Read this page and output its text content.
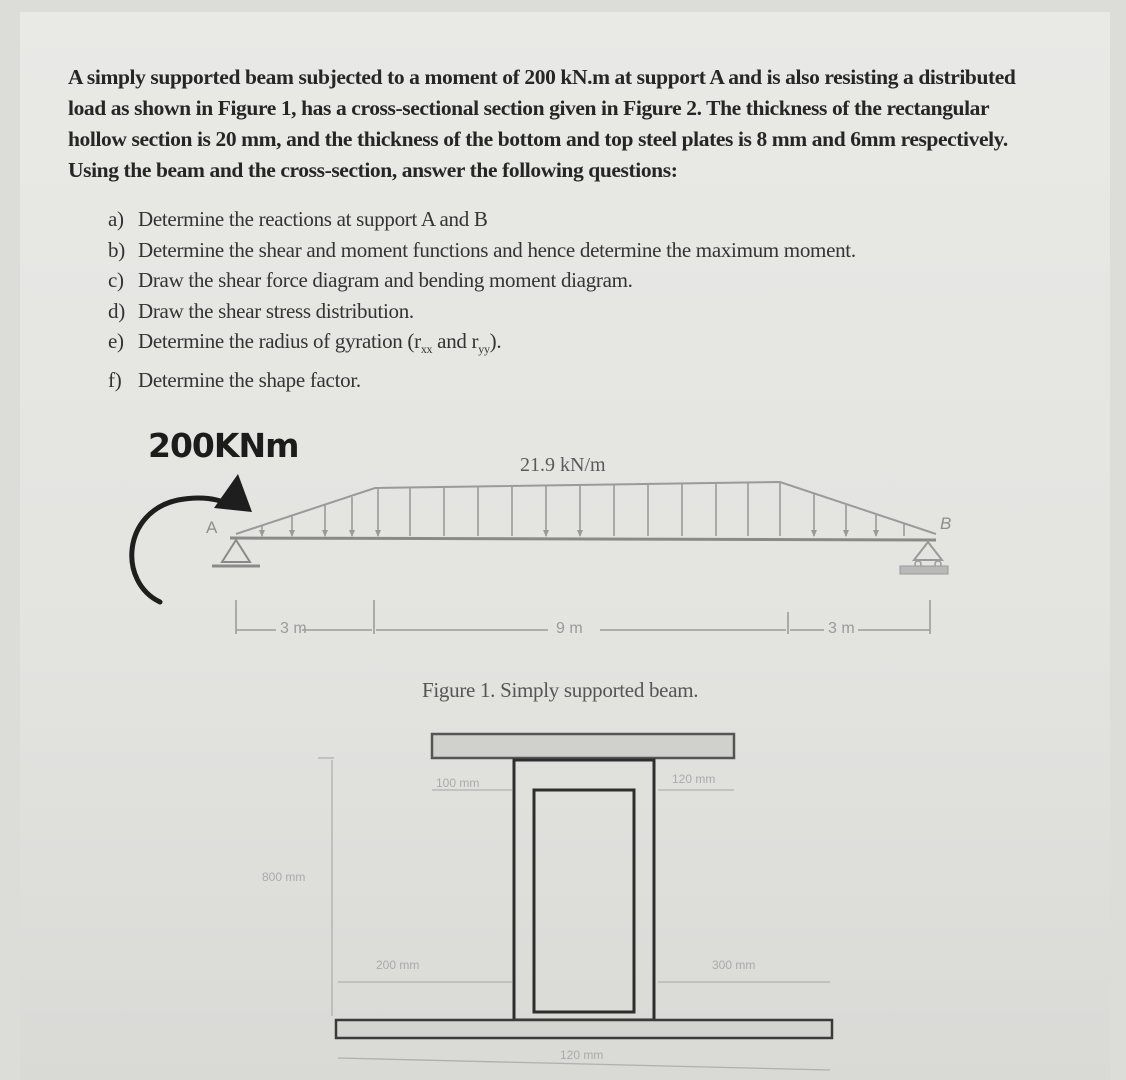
A simply supported beam subjected to a moment of 200 kN.m at support A and is also resisting a distributed
load as shown in Figure 1, has a cross-sectional section given in Figure 2. The thickness of the rectangular
hollow section is 20 mm, and the thickness of the bottom and top steel plates is 8 mm and 6mm respectively.
Using the beam and the cross-section, answer the following questions:
a) Determine the reactions at support A and B
b) Determine the shear and moment functions and hence determine the maximum moment.
c) Draw the shear force diagram and bending moment diagram.
d) Draw the shear stress distribution.
e) Determine the radius of gyration ($r_{xx}$ and $r_{yy}$).
f) Determine the shape factor.
200KNm	21.9 kN/m
A	B
3 m	9 m	3 m
Figure 1. Simply supported beam.
100 mm	120 mm
800 mm
200 mm	300 mm
120 mm
